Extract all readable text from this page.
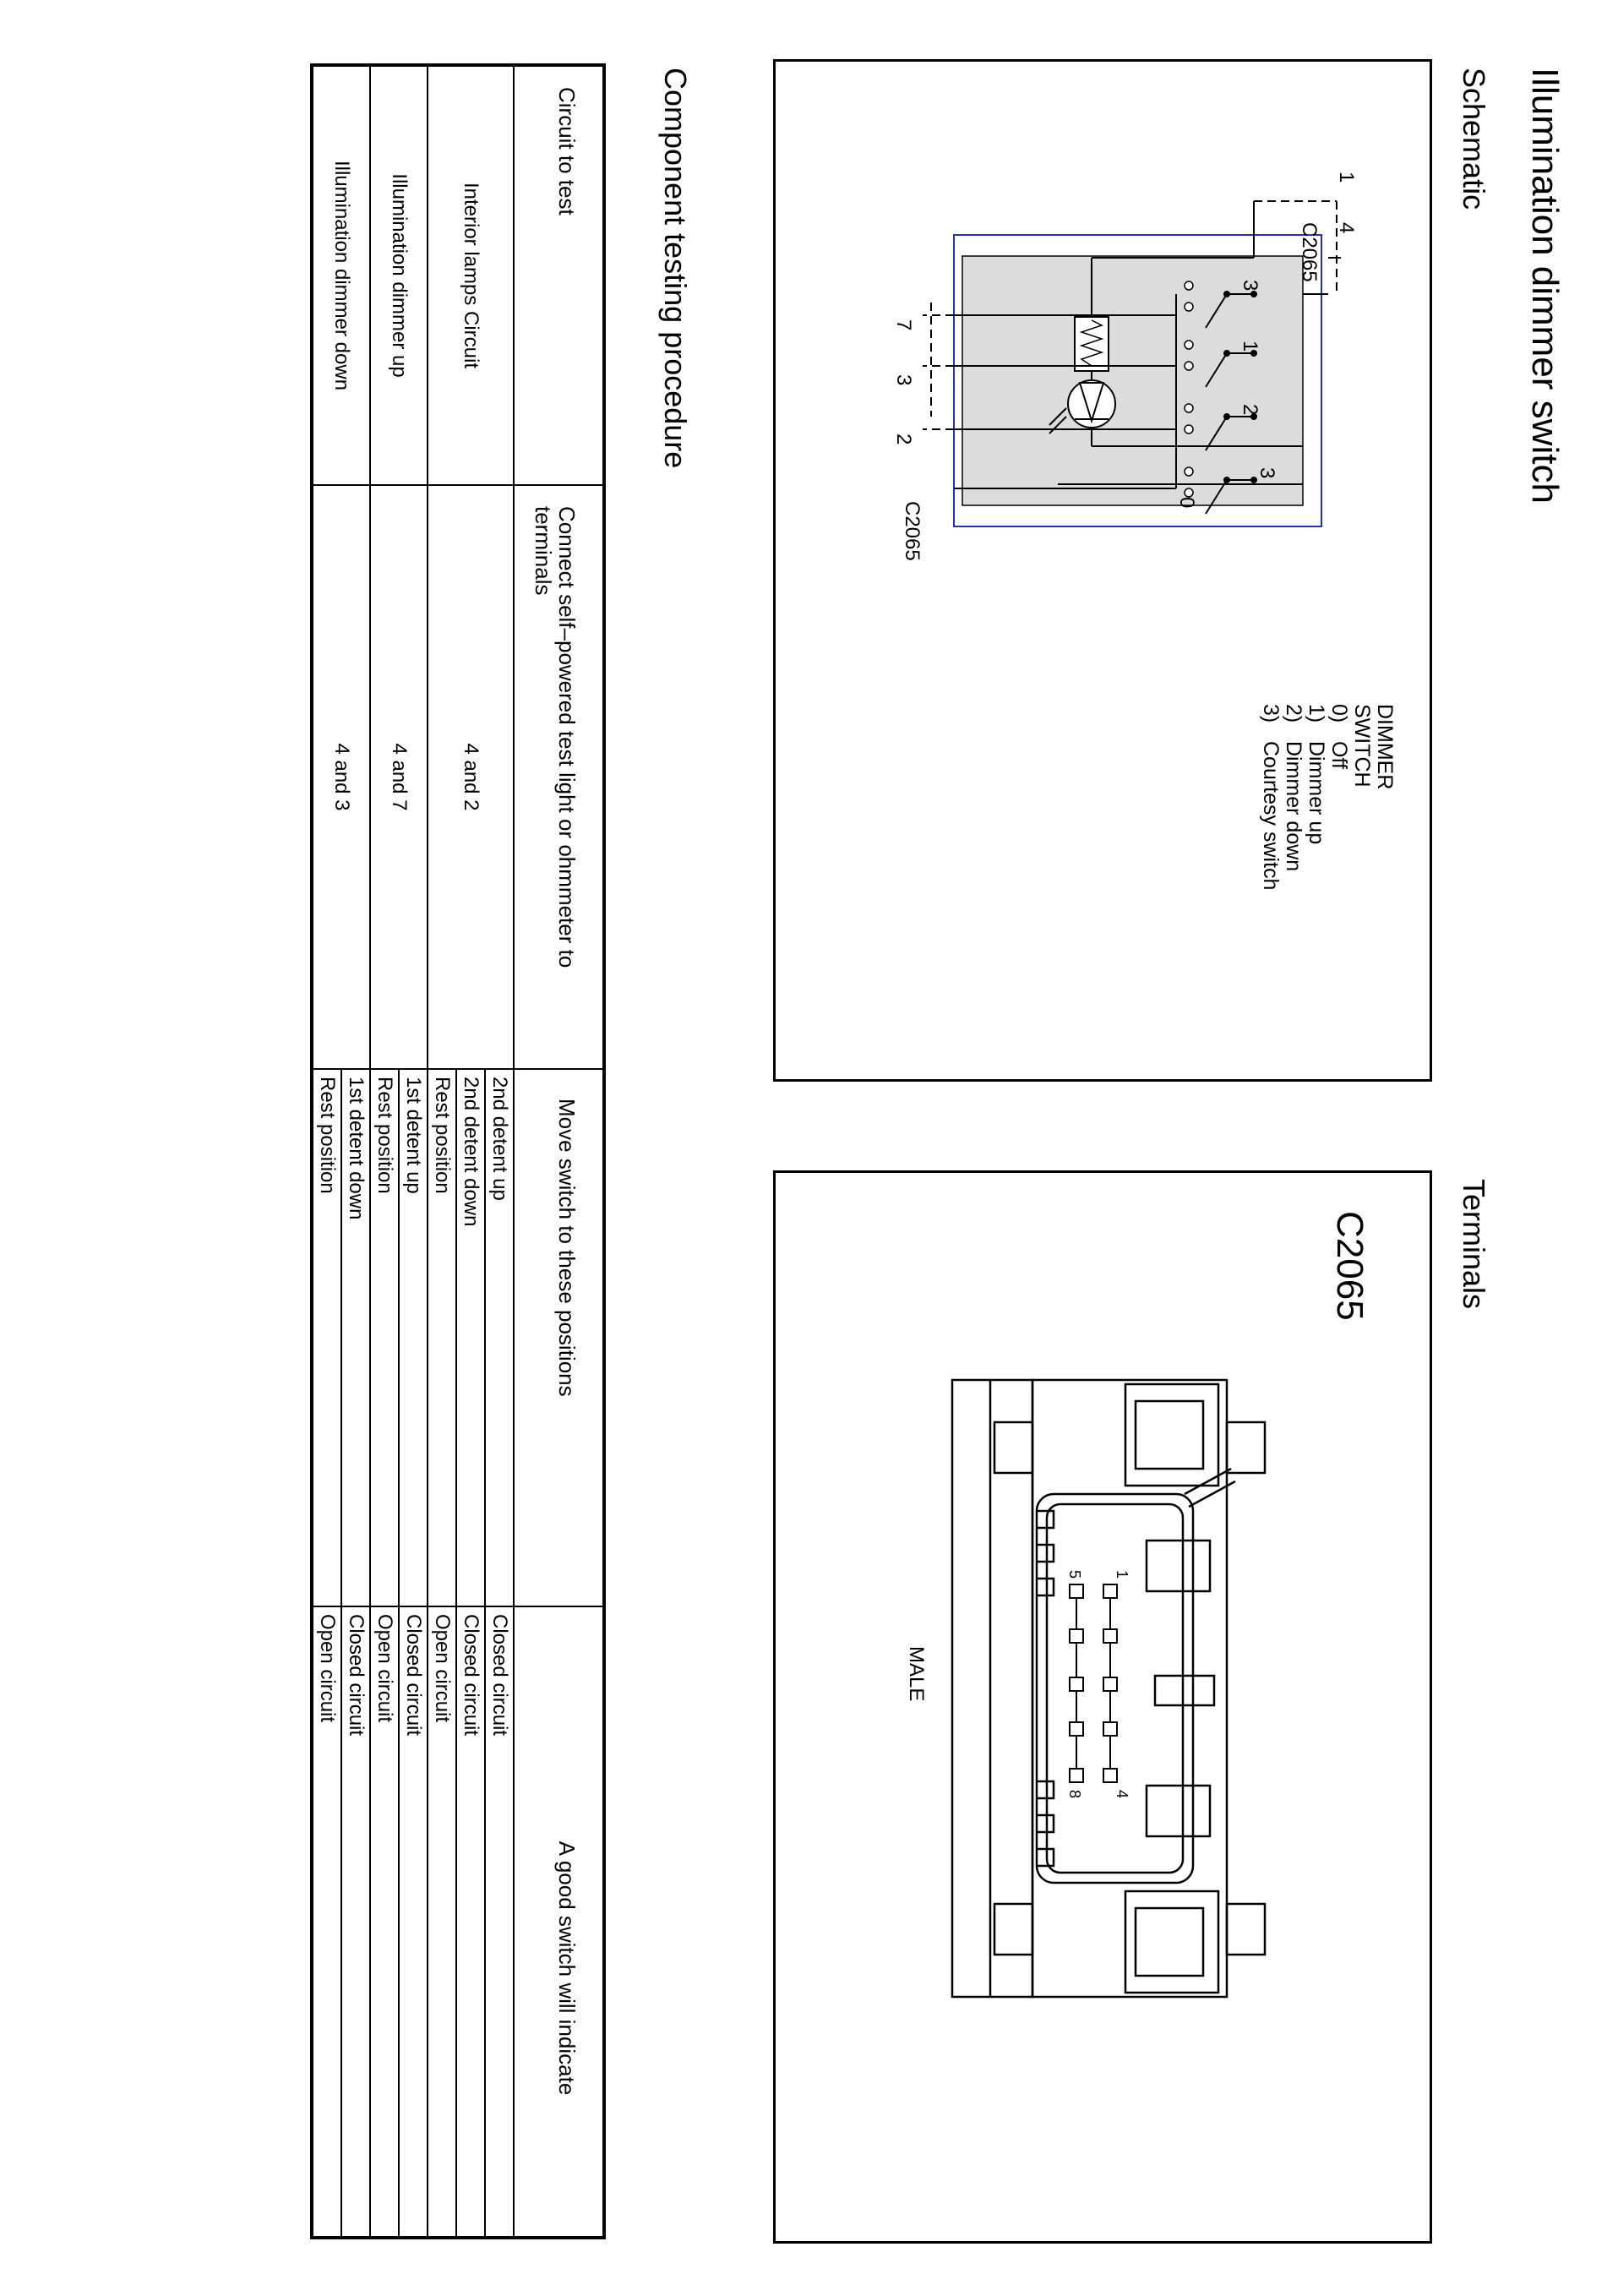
Illumination dimmer switch
Schematic
1
4
C2065
3
1
2
3
0
C2065
2
3
7
DIMMER
SWITCH
0)Off
1)Dimmer up
2)Dimmer down
3)Courtesy switch
Terminals
C2065
1
4
5
8
MALE
Component testing procedure
Circuit to test	Connect self–powered test light or ohmmeter to terminals	Move switch to these positions	A good switch will indicate
Interior lamps Circuit	4 and 2	2nd detent up	Closed circuit
		2nd detent down	Closed circuit
		Rest position	Open circuit
Illumination dimmer up	4 and 7	1st detent up	Closed circuit
		Rest position	Open circuit
Illumination dimmer down	4 and 3	1st detent down	Closed circuit
		Rest position	Open circuit
